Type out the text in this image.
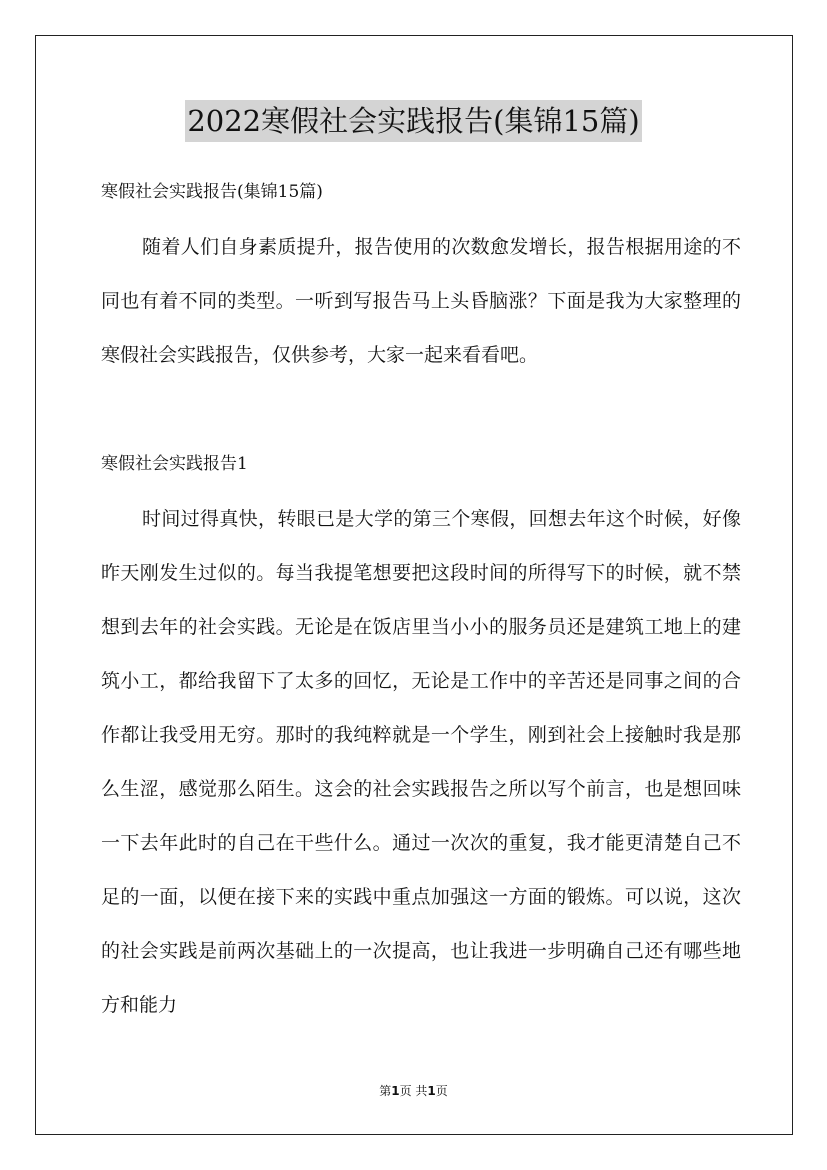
2022寒假社会实践报告(集锦15篇)
寒假社会实践报告(集锦15篇)

随着人们自身素质提升，报告使用的次数愈发增长，报告根据用途的不同也有着不同的类型。一听到写报告马上头昏脑涨？下面是我为大家整理的寒假社会实践报告，仅供参考，大家一起来看看吧。

寒假社会实践报告1

时间过得真快，转眼已是大学的第三个寒假，回想去年这个时候，好像昨天刚发生过似的。每当我提笔想要把这段时间的所得写下的时候，就不禁想到去年的社会实践。无论是在饭店里当小小的服务员还是建筑工地上的建筑小工，都给我留下了太多的回忆，无论是工作中的辛苦还是同事之间的合作都让我受用无穷。那时的我纯粹就是一个学生，刚到社会上接触时我是那么生涩，感觉那么陌生。这会的社会实践报告之所以写个前言，也是想回味一下去年此时的自己在干些什么。通过一次次的重复，我才能更清楚自己不足的一面，以便在接下来的实践中重点加强这一方面的锻炼。可以说，这次的社会实践是前两次基础上的一次提高，也让我进一步明确自己还有哪些地方和能力

第1页 共1页
